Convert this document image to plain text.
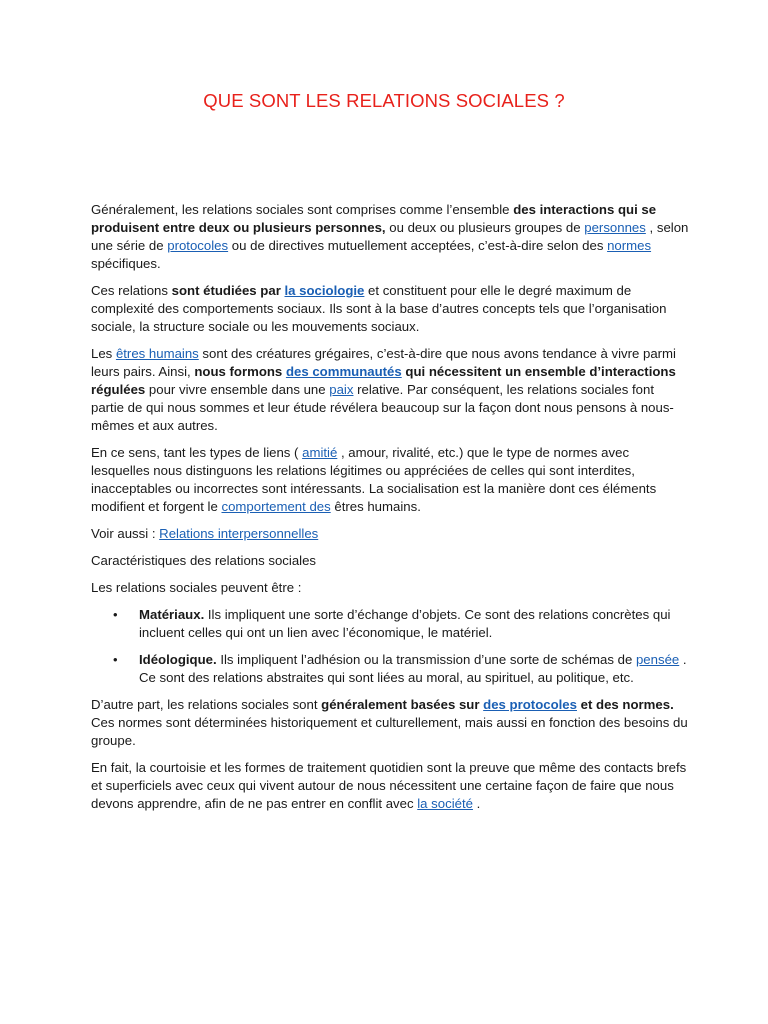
QUE SONT LES RELATIONS SOCIALES ?

Généralement, les relations sociales sont comprises comme l’ensemble des interactions qui se produisent entre deux ou plusieurs personnes, ou deux ou plusieurs groupes de personnes , selon une série de protocoles ou de directives mutuellement acceptées, c’est-à-dire selon des normes spécifiques.

Ces relations sont étudiées par la sociologie et constituent pour elle le degré maximum de complexité des comportements sociaux. Ils sont à la base d’autres concepts tels que l’organisation sociale, la structure sociale ou les mouvements sociaux.

Les êtres humains sont des créatures grégaires, c’est-à-dire que nous avons tendance à vivre parmi leurs pairs. Ainsi, nous formons des communautés qui nécessitent un ensemble d’interactions régulées pour vivre ensemble dans une paix relative. Par conséquent, les relations sociales font partie de qui nous sommes et leur étude révélera beaucoup sur la façon dont nous pensons à nous-mêmes et aux autres.

En ce sens, tant les types de liens ( amitié , amour, rivalité, etc.) que le type de normes avec lesquelles nous distinguons les relations légitimes ou appréciées de celles qui sont interdites, inacceptables ou incorrectes sont intéressants. La socialisation est la manière dont ces éléments modifient et forgent le comportement des êtres humains.

Voir aussi : Relations interpersonnelles

Caractéristiques des relations sociales

Les relations sociales peuvent être :

• Matériaux. Ils impliquent une sorte d’échange d’objets. Ce sont des relations concrètes qui incluent celles qui ont un lien avec l’économique, le matériel.
• Idéologique. Ils impliquent l’adhésion ou la transmission d’une sorte de schémas de pensée . Ce sont des relations abstraites qui sont liées au moral, au spirituel, au politique, etc.

D’autre part, les relations sociales sont généralement basées sur des protocoles et des normes. Ces normes sont déterminées historiquement et culturellement, mais aussi en fonction des besoins du groupe.

En fait, la courtoisie et les formes de traitement quotidien sont la preuve que même des contacts brefs et superficiels avec ceux qui vivent autour de nous nécessitent une certaine façon de faire que nous devons apprendre, afin de ne pas entrer en conflit avec la société .
